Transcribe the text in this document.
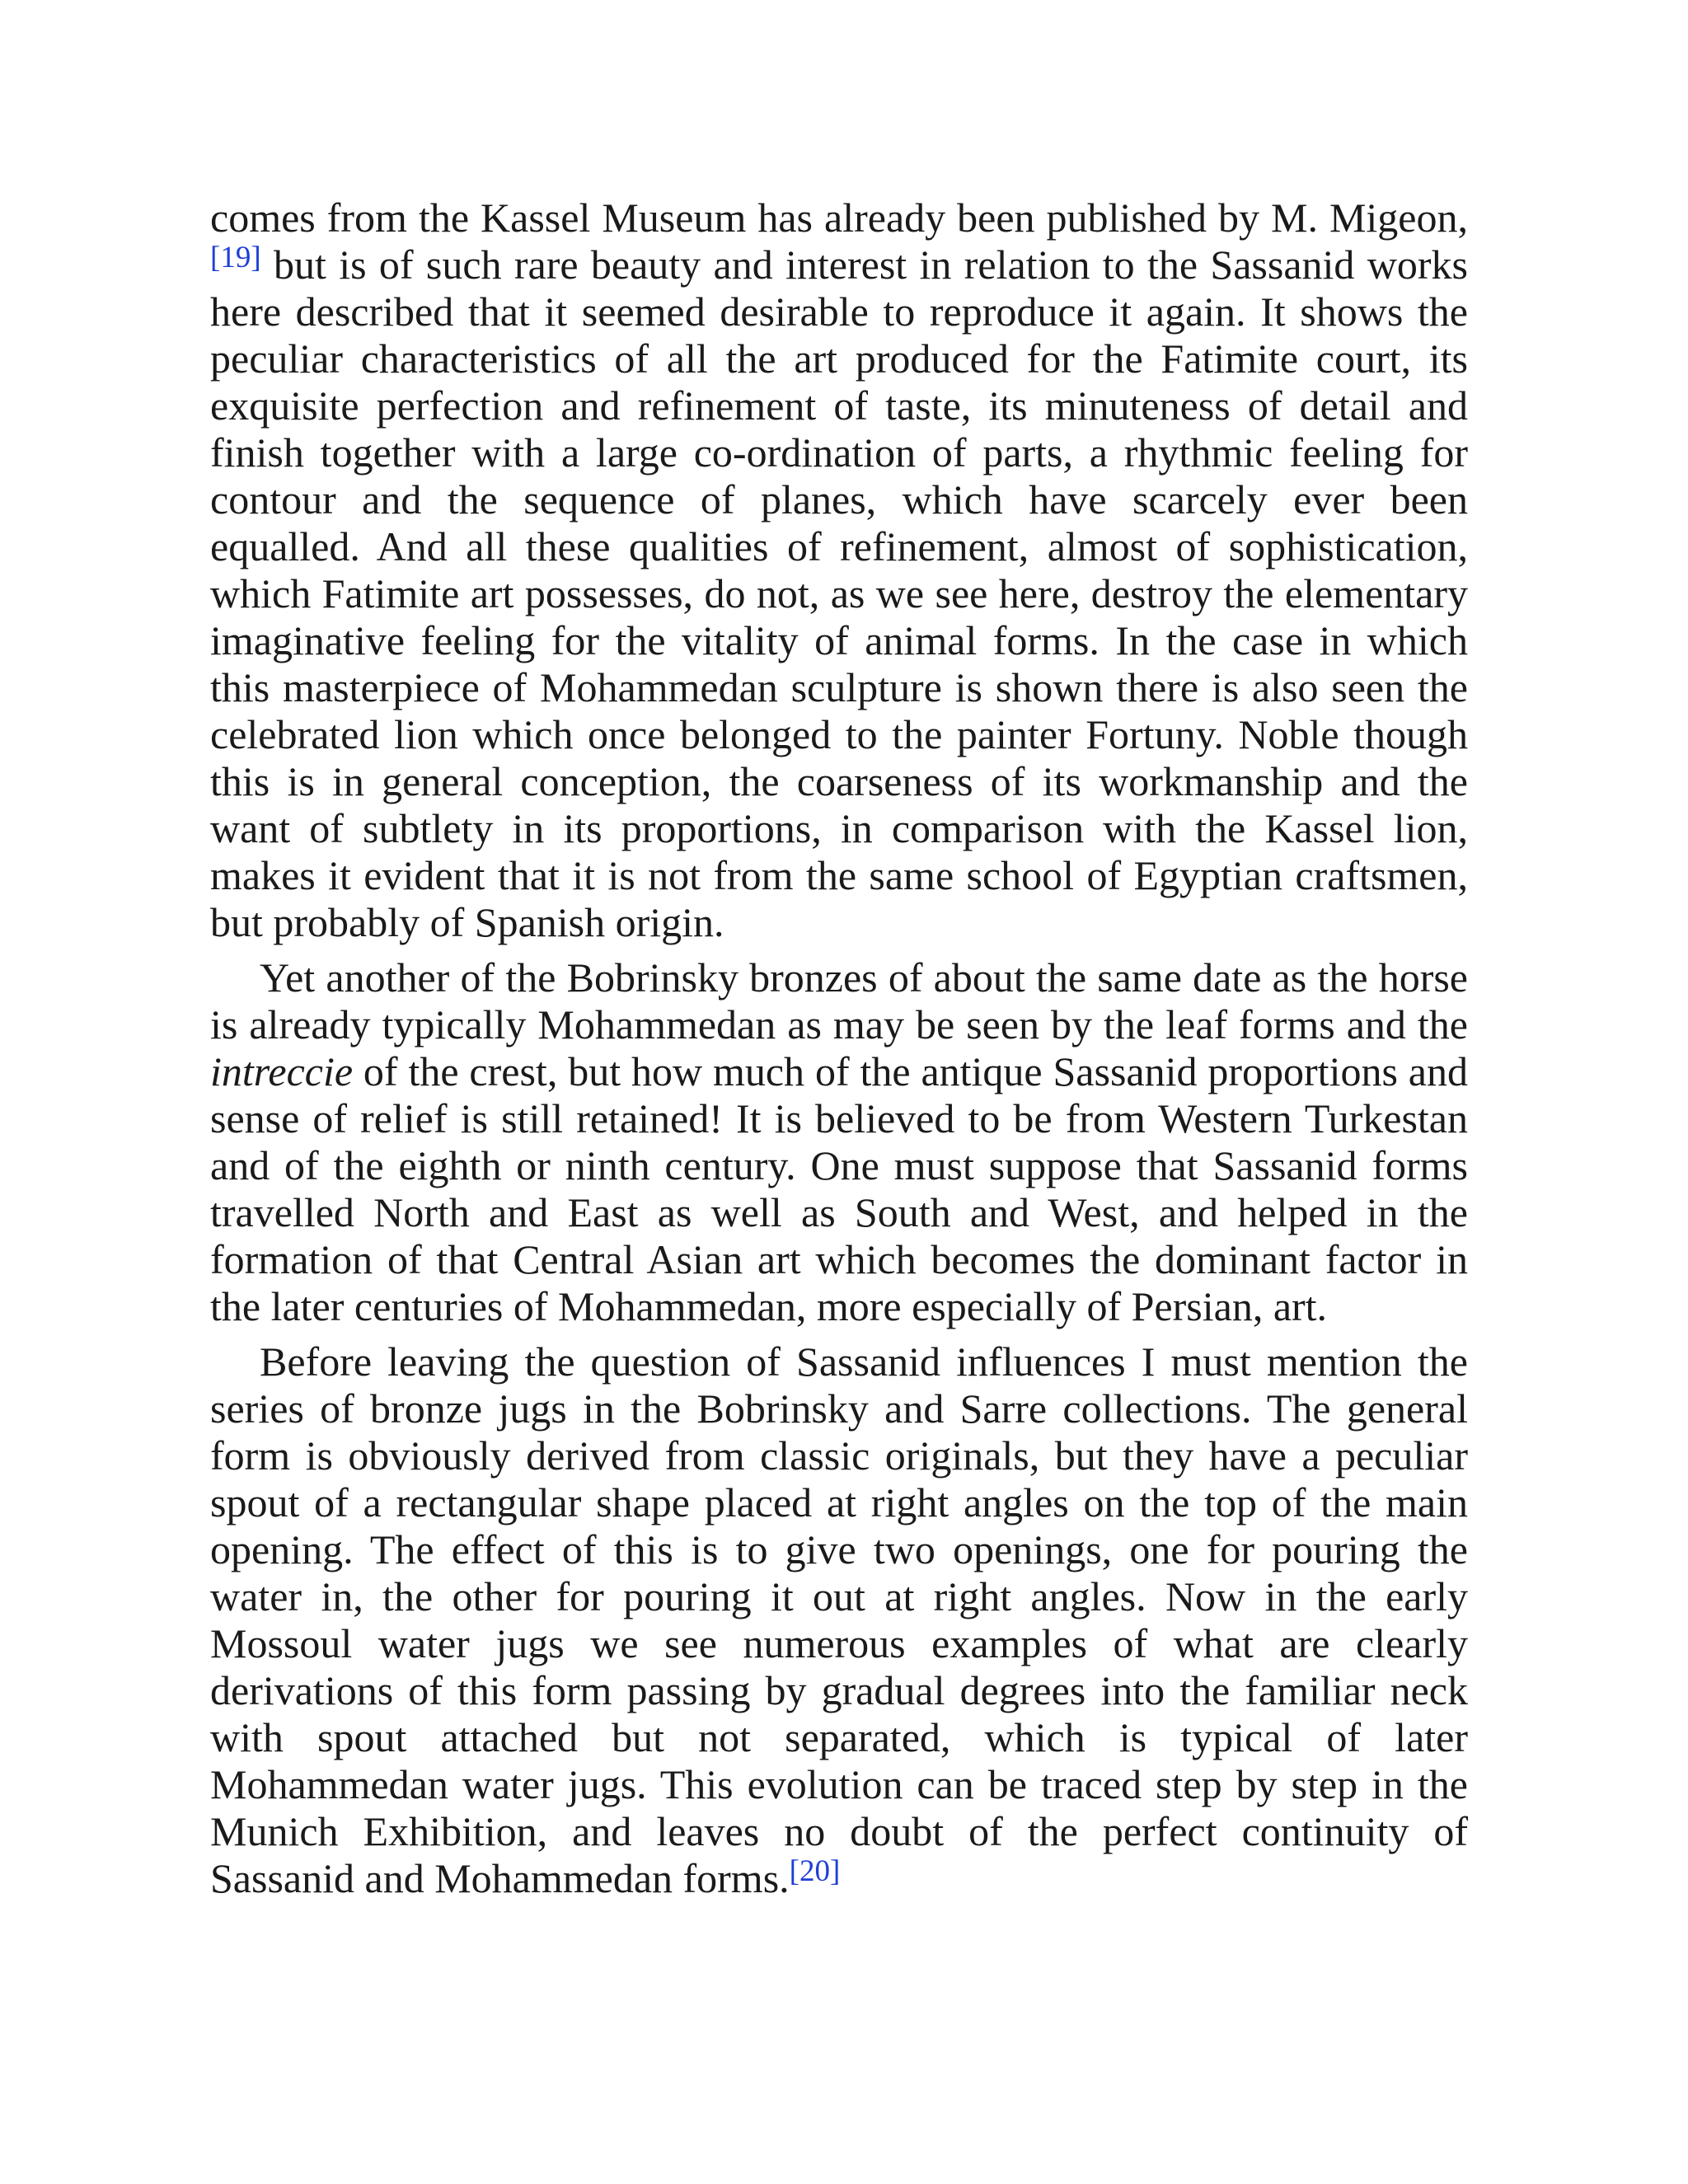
comes from the Kassel Museum has already been published by M. Migeon, [19] but is of such rare beauty and interest in relation to the Sassanid works here described that it seemed desirable to reproduce it again. It shows the peculiar characteristics of all the art produced for the Fatimite court, its exquisite perfection and refinement of taste, its minuteness of detail and finish together with a large co-ordination of parts, a rhythmic feeling for contour and the sequence of planes, which have scarcely ever been equalled. And all these qualities of refinement, almost of sophistication, which Fatimite art possesses, do not, as we see here, destroy the elementary imaginative feeling for the vitality of animal forms. In the case in which this masterpiece of Mohammedan sculpture is shown there is also seen the celebrated lion which once belonged to the painter Fortuny. Noble though this is in general conception, the coarseness of its workmanship and the want of subtlety in its proportions, in comparison with the Kassel lion, makes it evident that it is not from the same school of Egyptian craftsmen, but probably of Spanish origin.

Yet another of the Bobrinsky bronzes of about the same date as the horse is already typically Mohammedan as may be seen by the leaf forms and the intreccie of the crest, but how much of the antique Sassanid proportions and sense of relief is still retained! It is believed to be from Western Turkestan and of the eighth or ninth century. One must suppose that Sassanid forms travelled North and East as well as South and West, and helped in the formation of that Central Asian art which becomes the dominant factor in the later centuries of Mohammedan, more especially of Persian, art.

Before leaving the question of Sassanid influences I must mention the series of bronze jugs in the Bobrinsky and Sarre collections. The general form is obviously derived from classic originals, but they have a peculiar spout of a rectangular shape placed at right angles on the top of the main opening. The effect of this is to give two openings, one for pouring the water in, the other for pouring it out at right angles. Now in the early Mossoul water jugs we see numerous examples of what are clearly derivations of this form passing by gradual degrees into the familiar neck with spout attached but not separated, which is typical of later Mohammedan water jugs. This evolution can be traced step by step in the Munich Exhibition, and leaves no doubt of the perfect continuity of Sassanid and Mohammedan forms.[20]
